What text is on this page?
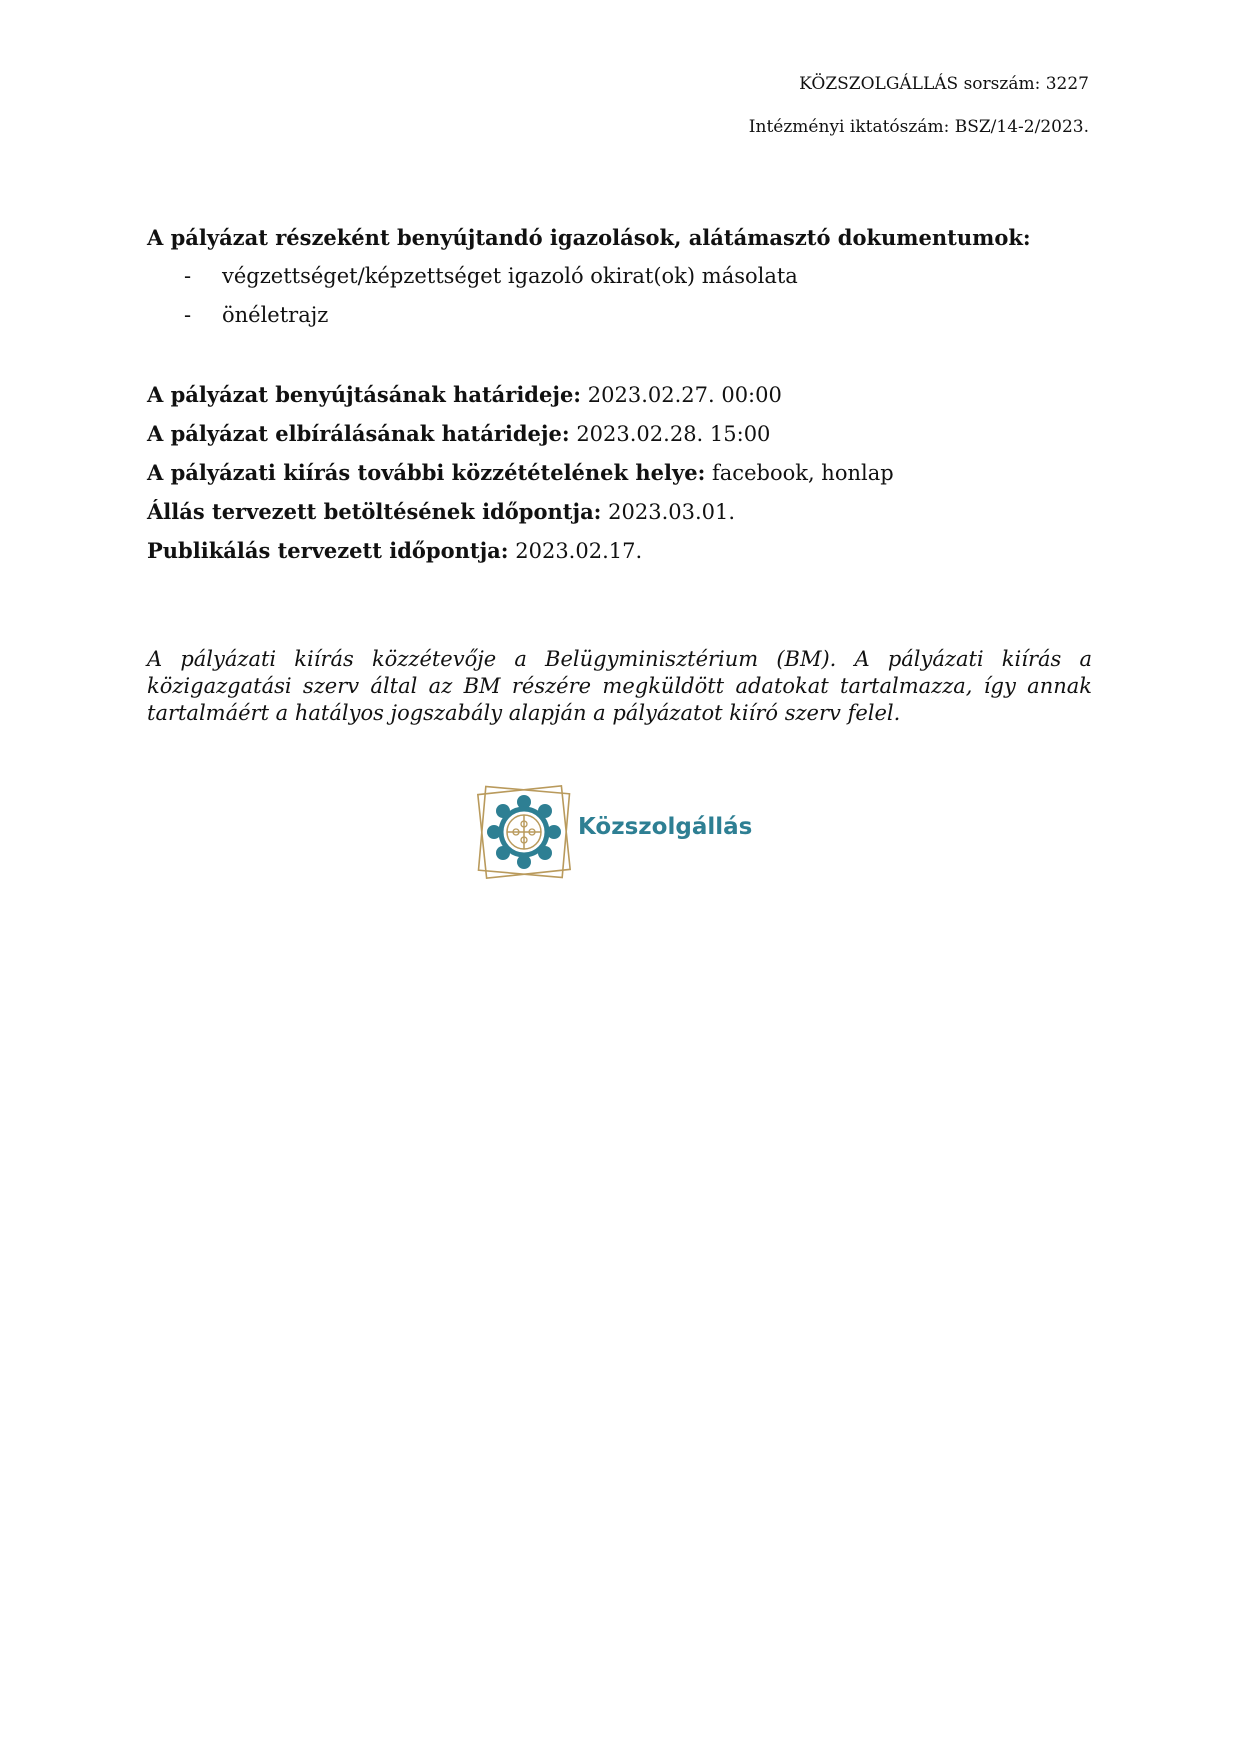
KÖZSZOLGÁLLÁS sorszám: 3227
Intézményi iktatószám: BSZ/14-2/2023.

A pályázat részeként benyújtandó igazolások, alátámasztó dokumentumok:

- végzettséget/képzettséget igazoló okirat(ok) másolata
- önéletrajz

A pályázat benyújtásának határideje: 2023.02.27. 00:00

A pályázat elbírálásának határideje: 2023.02.28. 15:00

A pályázati kiírás további közzétételének helye: facebook, honlap

Állás tervezett betöltésének időpontja: 2023.03.01.

Publikálás tervezett időpontja: 2023.02.17.

A pályázati kiírás közzétevője a Belügyminisztérium (BM). A pályázati kiírás a közigazgatási szerv által az BM részére megküldött adatokat tartalmazza, így annak tartalmáért a hatályos jogszabály alapján a pályázatot kiíró szerv felel.

Közszolgállás
